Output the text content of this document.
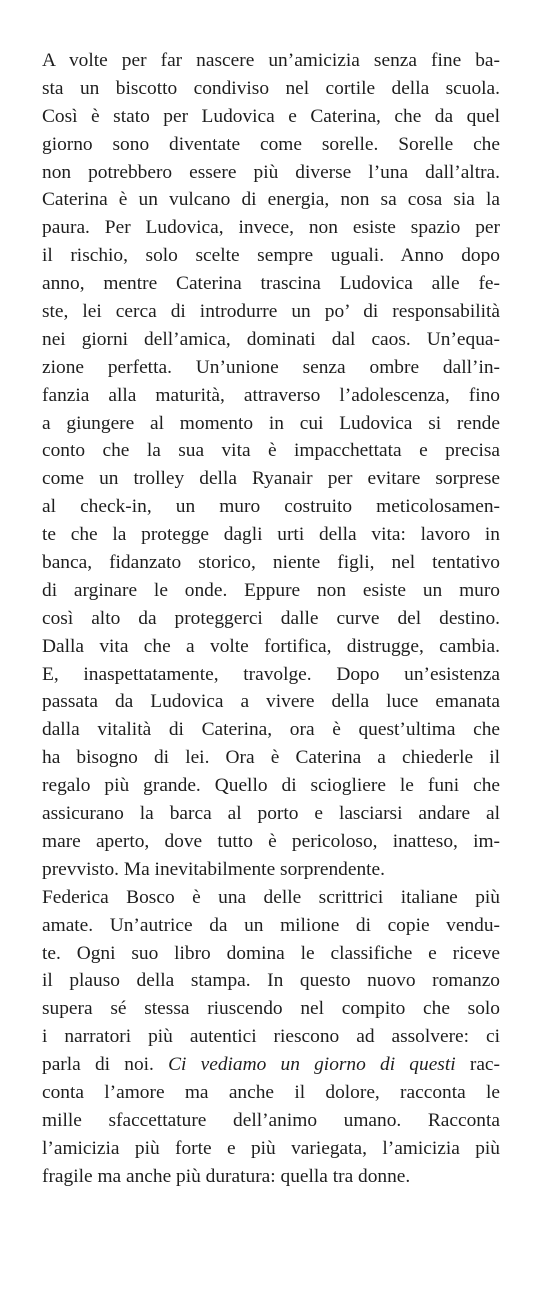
A volte per far nascere un’amicizia senza fine ba-
sta un biscotto condiviso nel cortile della scuola.
Così è stato per Ludovica e Caterina, che da quel
giorno sono diventate come sorelle. Sorelle che
non potrebbero essere più diverse l’una dall’altra.
Caterina è un vulcano di energia, non sa cosa sia la
paura. Per Ludovica, invece, non esiste spazio per
il rischio, solo scelte sempre uguali. Anno dopo
anno, mentre Caterina trascina Ludovica alle fe-
ste, lei cerca di introdurre un po’ di responsabilità
nei giorni dell’amica, dominati dal caos. Un’equa-
zione perfetta. Un’unione senza ombre dall’in-
fanzia alla maturità, attraverso l’adolescenza, fino
a giungere al momento in cui Ludovica si rende
conto che la sua vita è impacchettata e precisa
come un trolley della Ryanair per evitare sorprese
al check-in, un muro costruito meticolosamen-
te che la protegge dagli urti della vita: lavoro in
banca, fidanzato storico, niente figli, nel tentativo
di arginare le onde. Eppure non esiste un muro
così alto da proteggerci dalle curve del destino.
Dalla vita che a volte fortifica, distrugge, cambia.
E, inaspettatamente, travolge. Dopo un’esistenza
passata da Ludovica a vivere della luce emanata
dalla vitalità di Caterina, ora è quest’ultima che
ha bisogno di lei. Ora è Caterina a chiederle il
regalo più grande. Quello di sciogliere le funi che
assicurano la barca al porto e lasciarsi andare al
mare aperto, dove tutto è pericoloso, inatteso, im-
prevvisto. Ma inevitabilmente sorprendente.
Federica Bosco è una delle scrittrici italiane più
amate. Un’autrice da un milione di copie vendu-
te. Ogni suo libro domina le classifiche e riceve
il plauso della stampa. In questo nuovo romanzo
supera sé stessa riuscendo nel compito che solo
i narratori più autentici riescono ad assolvere: ci
parla di noi. Ci vediamo un giorno di questi rac-
conta l’amore ma anche il dolore, racconta le
mille sfaccettature dell’animo umano. Racconta
l’amicizia più forte e più variegata, l’amicizia più
fragile ma anche più duratura: quella tra donne.
